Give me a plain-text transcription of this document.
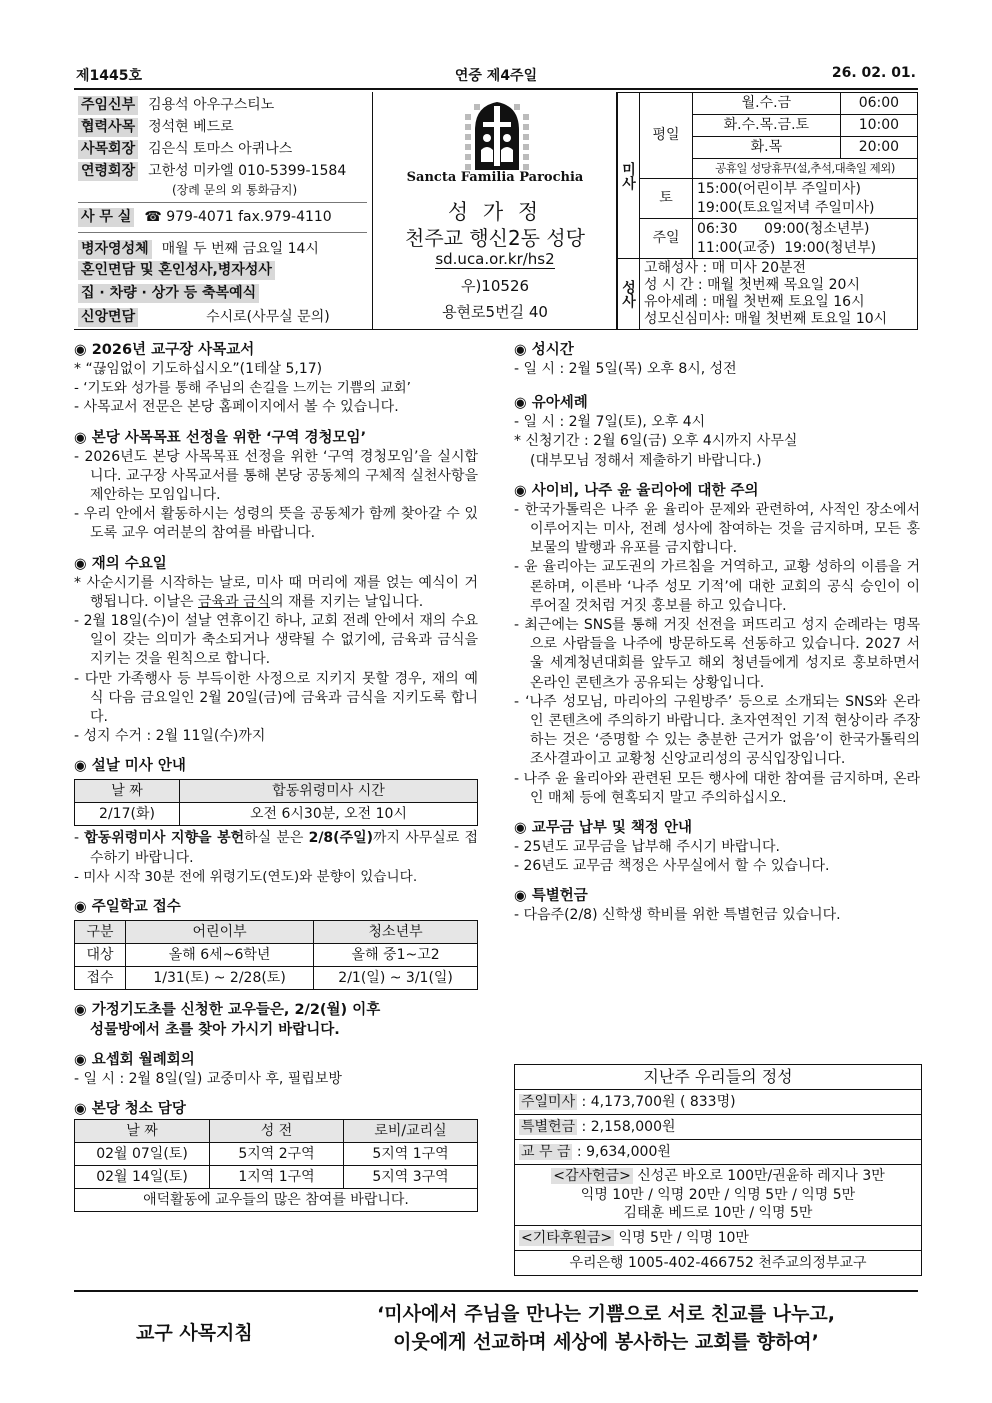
제1445호	연중 제4주일	26. 02. 01.
주임신부 김용석 아우구스티노
협력사목 정석현 베드로
사목회장 김은식 토마스 아퀴나스
연령회장 고한성 미카엘 010-5399-1584
(장례 문의 외 통화금지)
사 무 실 ☎ 979-4071 fax.979-4110
병자영성체 매월 두 번째 금요일 14시
혼인면담 및 혼인성사,병자성사
집 · 차량 · 상가 등 축복예식
신앙면담	수시로(사무실 문의)
Sancta Familia Parochia
성 가 정
천주교 행신2동 성당
sd.uca.or.kr/hs2
우)10526
용현로5번길 40
미사	평일	월.수.금	06:00
		화.수.목.금.토	10:00
		화.목	20:00
		공휴일 성당휴무(설,추석,대축일 제외)	
	토	15:00(어린이부 주일미사)
19:00(토요일저녁 주일미사)	

	주일	06:30      09:00(청소년부)
11:00(교중)  19:00(청년부)	

성사	고해성사 : 매 미사 20분전
성 시 간 : 매월 첫번째 목요일 20시
유아세례 : 매월 첫번째 토요일 16시
성모신심미사: 매월 첫번째 토요일 10시		
◉ 2026년 교구장 사목교서
* “끊임없이 기도하십시오”(1테살 5,17)
- ‘기도와 성가를 통해 주님의 손길을 느끼는 기쁨의 교회’
- 사목교서 전문은 본당 홈페이지에서 볼 수 있습니다.
◉ 본당 사목목표 선정을 위한 ‘구역 경청모임’
- 2026년도 본당 사목목표 선정을 위한 ‘구역 경청모임’을 실시합니다. 교구장 사목교서를 통해 본당 공동체의 구체적 실천사항을 제안하는 모임입니다.
- 우리 안에서 활동하시는 성령의 뜻을 공동체가 함께 찾아갈 수 있도록 교우 여러분의 참여를 바랍니다.
◉ 재의 수요일
* 사순시기를 시작하는 날로, 미사 때 머리에 재를 얹는 예식이 거행됩니다. 이날은 금육과 금식의 재를 지키는 날입니다.
- 2월 18일(수)이 설날 연휴이긴 하나, 교회 전례 안에서 재의 수요일이 갖는 의미가 축소되거나 생략될 수 없기에, 금육과 금식을 지키는 것을 원칙으로 합니다.
- 다만 가족행사 등 부득이한 사정으로 지키지 못할 경우, 재의 예식 다음 금요일인 2월 20일(금)에 금육과 금식을 지키도록 합니다.
- 성지 수거 : 2월 11일(수)까지
◉ 설날 미사 안내
날 짜	합동위령미사 시간
2/17(화)	오전 6시30분, 오전 10시
- 합동위령미사 지향을 봉헌하실 분은 2/8(주일)까지 사무실로 접수하기 바랍니다.
- 미사 시작 30분 전에 위령기도(연도)와 분향이 있습니다.
◉ 주일학교 접수
구분	어린이부	청소년부
대상	올해 6세~6학년	올해 중1~고2
접수	1/31(토) ~ 2/28(토)	2/1(일) ~ 3/1(일)
◉ 가정기도초를 신청한 교우들은, 2/2(월) 이후
성물방에서 초를 찾아 가시기 바랍니다.
◉ 요셉회 월례회의
- 일 시 : 2월 8일(일) 교중미사 후, 필립보방
◉ 본당 청소 담당
날 짜	성 전	로비/교리실
02월 07일(토)	5지역 2구역	5지역 1구역
02월 14일(토)	1지역 1구역	5지역 3구역
애덕활동에 교우들의 많은 참여를 바랍니다.		
◉ 성시간
- 일 시 : 2월 5일(목) 오후 8시, 성전
◉ 유아세례
- 일 시 : 2월 7일(토), 오후 4시
* 신청기간 : 2월 6일(금) 오후 4시까지 사무실
(대부모님 정해서 제출하기 바랍니다.)
◉ 사이비, 나주 윤 율리아에 대한 주의
- 한국가톨릭은 나주 윤 율리아 문제와 관련하여, 사적인 장소에서 이루어지는 미사, 전례 성사에 참여하는 것을 금지하며, 모든 홍보물의 발행과 유포를 금지합니다.
- 윤 율리아는 교도권의 가르침을 거역하고, 교황 성하의 이름을 거론하며, 이른바 ‘나주 성모 기적’에 대한 교회의 공식 승인이 이루어질 것처럼 거짓 홍보를 하고 있습니다.
- 최근에는 SNS를 통해 거짓 선전을 퍼뜨리고 성지 순례라는 명목으로 사람들을 나주에 방문하도록 선동하고 있습니다. 2027 서울 세계청년대회를 앞두고 해외 청년들에게 성지로 홍보하면서 온라인 콘텐츠가 공유되는 상황입니다.
- ‘나주 성모님, 마리아의 구원방주’ 등으로 소개되는 SNS와 온라인 콘텐츠에 주의하기 바랍니다. 초자연적인 기적 현상이라 주장하는 것은 ‘증명할 수 있는 충분한 근거가 없음’이 한국가톨릭의 조사결과이고 교황청 신앙교리성의 공식입장입니다.
- 나주 윤 율리아와 관련된 모든 행사에 대한 참여를 금지하며, 온라인 매체 등에 현혹되지 말고 주의하십시오.
◉ 교무금 납부 및 책정 안내
- 25년도 교무금을 납부해 주시기 바랍니다.
- 26년도 교무금 책정은 사무실에서 할 수 있습니다.
◉ 특별헌금
- 다음주(2/8) 신학생 학비를 위한 특별헌금 있습니다.
지난주 우리들의 정성
주일미사 : 4,173,700원 ( 833명)
특별헌금 : 2,158,000원
교 무 금 : 9,634,000원
<감사헌금> 신성곤 바오로 100만/권윤하 레지나 3만
익명 10만 / 익명 20만 / 익명 5만 / 익명 5만
김태훈 베드로 10만 / 익명 5만
<기타후원금> 익명 5만 / 익명 10만
우리은행 1005-402-466752 천주교의정부교구
교구 사목지침
‘미사에서 주님을 만나는 기쁨으로 서로 친교를 나누고,
이웃에게 선교하며 세상에 봉사하는 교회를 향하여’
